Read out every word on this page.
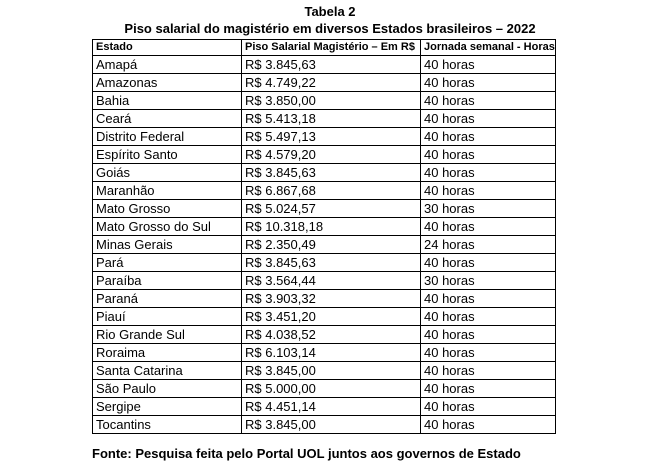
Tabela 2
Piso salarial do magistério em diversos Estados brasileiros – 2022
Estado	Piso Salarial Magistério – Em R$	Jornada semanal - Horas
Amapá	R$ 3.845,63	40 horas
Amazonas	R$ 4.749,22	40 horas
Bahia	R$ 3.850,00	40 horas
Ceará	R$ 5.413,18	40 horas
Distrito Federal	R$ 5.497,13	40 horas
Espírito Santo	R$ 4.579,20	40 horas
Goiás	R$ 3.845,63	40 horas
Maranhão	R$ 6.867,68	40 horas
Mato Grosso	R$ 5.024,57	30 horas
Mato Grosso do Sul	R$ 10.318,18	40 horas
Minas Gerais	R$ 2.350,49	24 horas
Pará	R$ 3.845,63	40 horas
Paraíba	R$ 3.564,44	30 horas
Paraná	R$ 3.903,32	40 horas
Piauí	R$ 3.451,20	40 horas
Rio Grande Sul	R$ 4.038,52	40 horas
Roraima	R$ 6.103,14	40 horas
Santa Catarina	R$ 3.845,00	40 horas
São Paulo	R$ 5.000,00	40 horas
Sergipe	R$ 4.451,14	40 horas
Tocantins	R$ 3.845,00	40 horas
Fonte: Pesquisa feita pelo Portal UOL juntos aos governos de Estado
